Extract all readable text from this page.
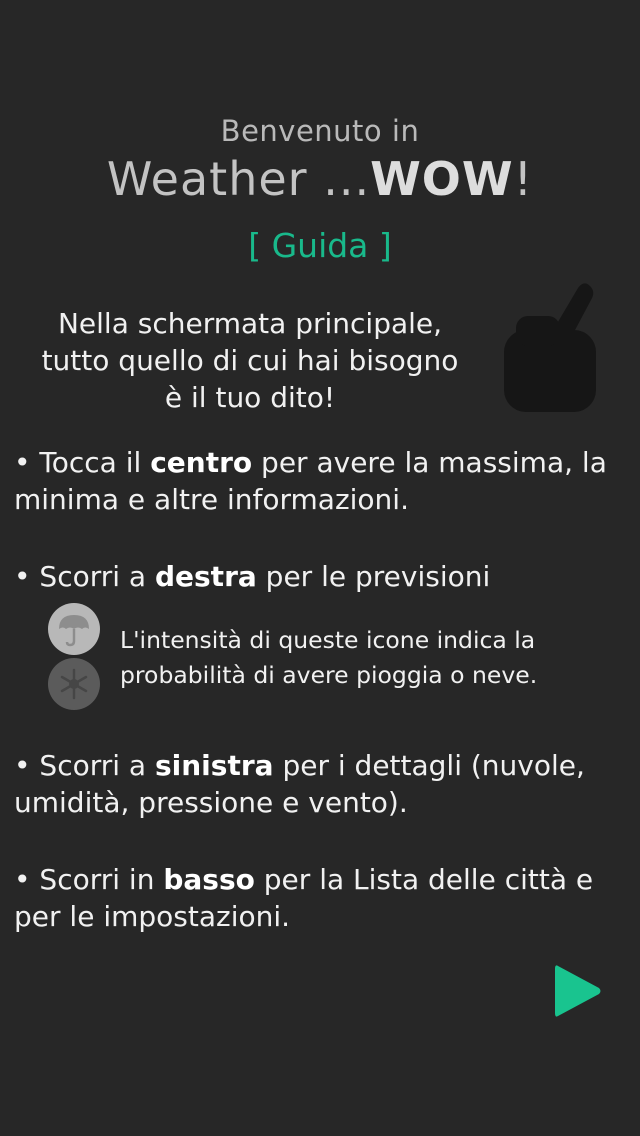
Benvenuto in
Weather ...WOW!
[ Guida ]
Nella schermata principale,
tutto quello di cui hai bisogno
è il tuo dito!
• Tocca il centro per avere la massima, la minima e altre informazioni.
• Scorri a destra per le previsioni
L'intensità di queste icone indica la probabilità di avere pioggia o neve.
• Scorri a sinistra per i dettagli (nuvole, umidità, pressione e vento).
• Scorri in basso per la Lista delle città e per le impostazioni.
